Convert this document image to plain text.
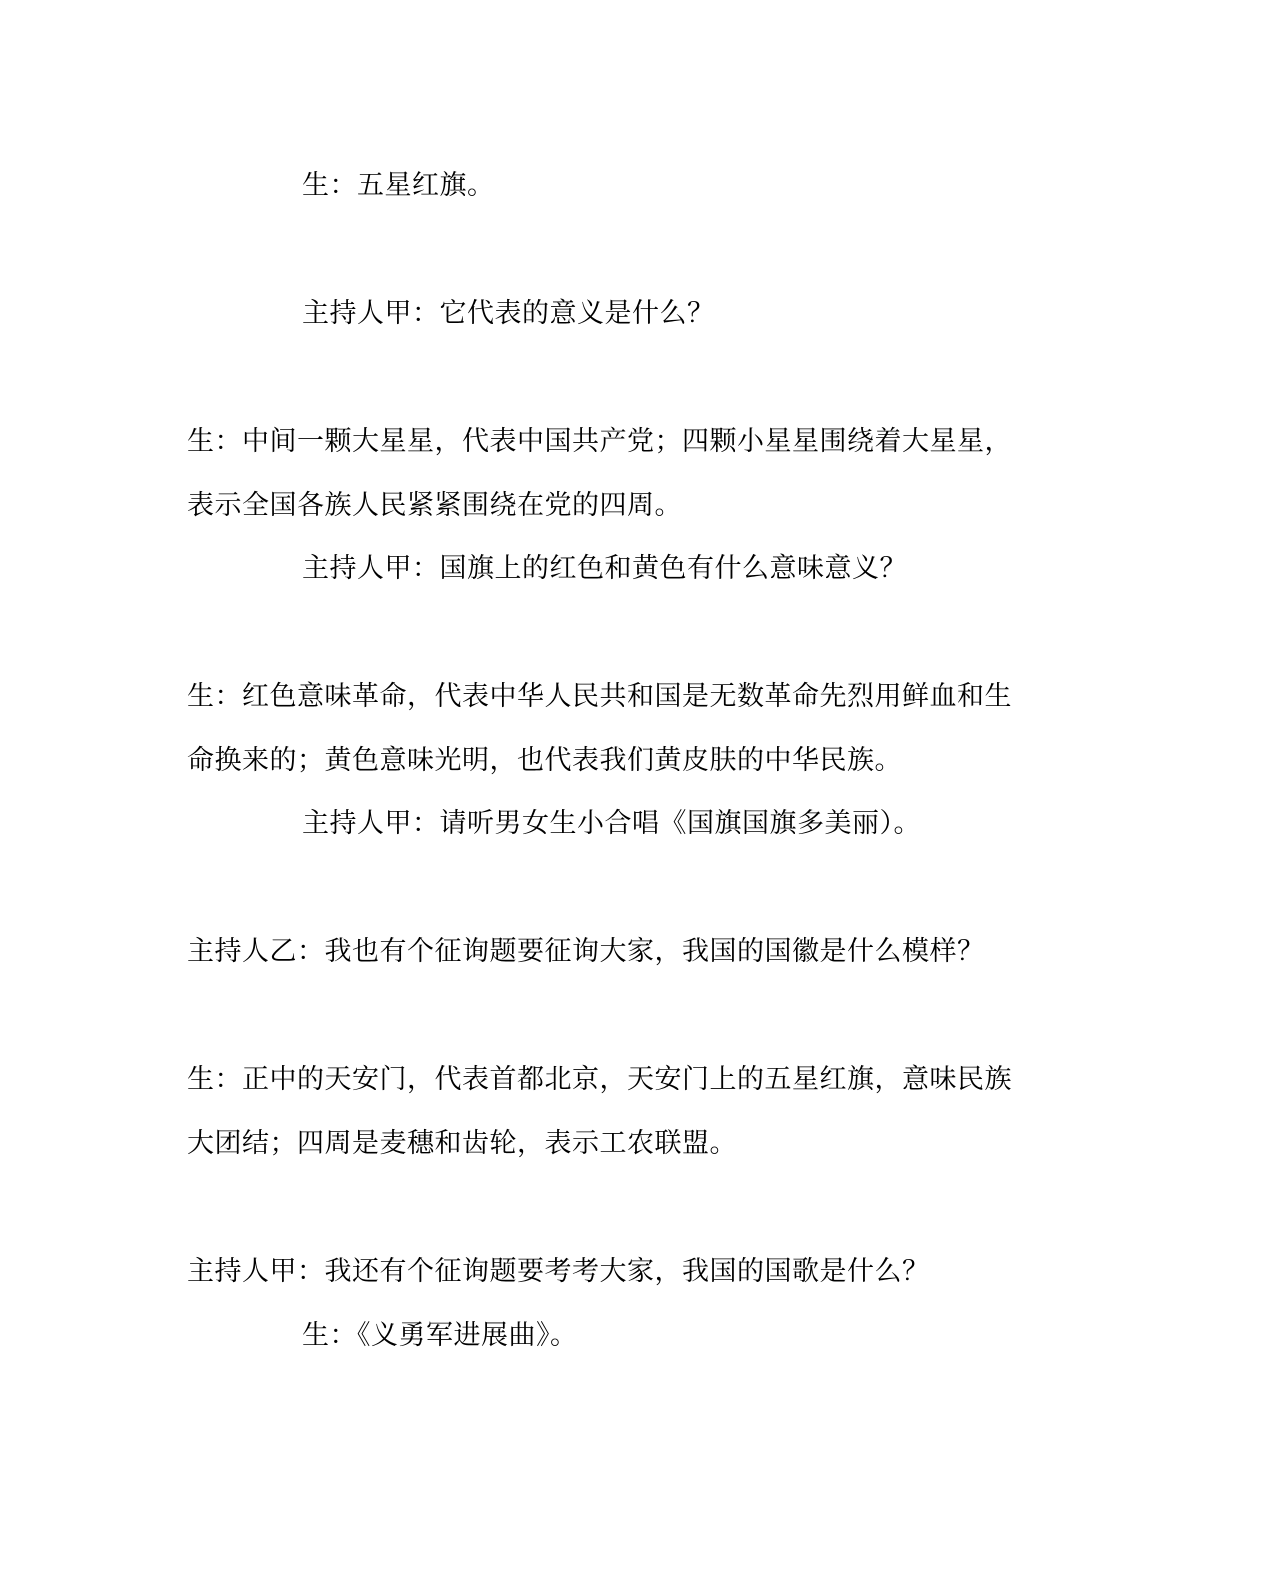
生：五星红旗。

主持人甲：它代表的意义是什么？

生：中间一颗大星星，代表中国共产党；四颗小星星围绕着大星星，

表示全国各族人民紧紧围绕在党的四周。

主持人甲：国旗上的红色和黄色有什么意味意义？

生：红色意味革命，代表中华人民共和国是无数革命先烈用鲜血和生

命换来的；黄色意味光明，也代表我们黄皮肤的中华民族。

主持人甲：请听男女生小合唱《国旗国旗多美丽）。

主持人乙：我也有个征询题要征询大家，我国的国徽是什么模样？

生：正中的天安门，代表首都北京，天安门上的五星红旗，意味民族

大团结；四周是麦穗和齿轮，表示工农联盟。

主持人甲：我还有个征询题要考考大家，我国的国歌是什么？

生：《义勇军进展曲》。
